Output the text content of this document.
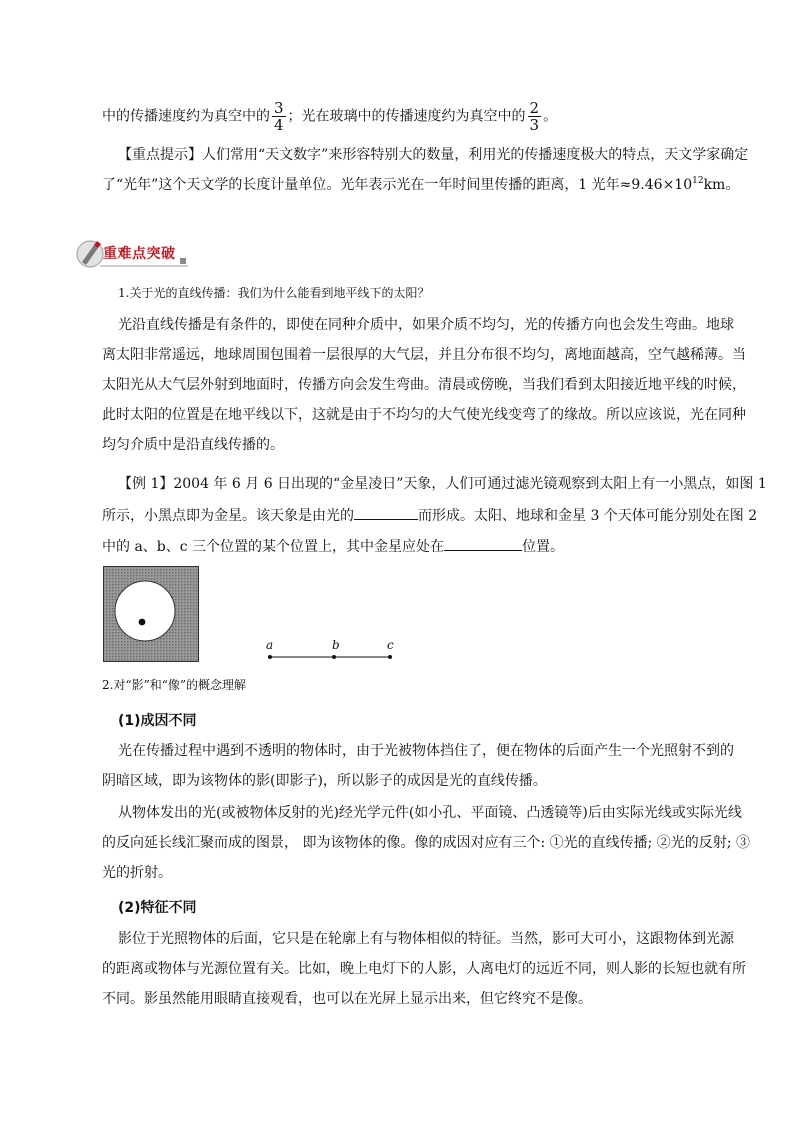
中的传播速度约为真空中的 $\frac{3}{4}$ ；光在玻璃中的传播速度约为真空中的 $\frac{2}{3}$ 。
【重点提示】人们常用“天文数字”来形容特别大的数量，利用光的传播速度极大的特点，天文学家确定
了“光年”这个天文学的长度计量单位。光年表示光在一年时间里传播的距离，1 光年$\approx 9.46\times 10^{12}km$。
重难点突破
1.关于光的直线传播：我们为什么能看到地平线下的太阳？
光沿直线传播是有条件的，即使在同种介质中，如果介质不均匀，光的传播方向也会发生弯曲。地球
离太阳非常遥远，地球周围包围着一层很厚的大气层，并且分布很不均匀，离地面越高，空气越稀薄。当
太阳光从大气层外射到地面时，传播方向会发生弯曲。清晨或傍晚，当我们看到太阳接近地平线的时候，
此时太阳的位置是在地平线以下，这就是由于不均匀的大气使光线变弯了的缘故。所以应该说，光在同种
均匀介质中是沿直线传播的。
【例 1】2004 年 6 月 6 日出现的“金星凌日”天象，人们可通过滤光镜观察到太阳上有一小黑点，如图 1
所示，小黑点即为金星。该天象是由光的	而形成。太阳、地球和金星 3 个天体可能分别处在图 2
中的 a、b、c 三个位置的某个位置上，其中金星应处在	位置。
a	b	c
2.对“影”和“像”的概念理解
(1)成因不同
光在传播过程中遇到不透明的物体时，由于光被物体挡住了，便在物体的后面产生一个光照射不到的
阴暗区域，即为该物体的影(即影子)，所以影子的成因是光的直线传播。
从物体发出的光(或被物体反射的光)经光学元件(如小孔、平面镜、凸透镜等)后由实际光线或实际光线
的反向延长线汇聚而成的图景， 即为该物体的像。像的成因对应有三个: ①光的直线传播; ②光的反射; ③
光的折射。
(2)特征不同
影位于光照物体的后面，它只是在轮廓上有与物体相似的特征。当然，影可大可小，这跟物体到光源
的距离或物体与光源位置有关。比如，晚上电灯下的人影，人离电灯的远近不同，则人影的长短也就有所
不同。影虽然能用眼睛直接观看，也可以在光屏上显示出来，但它终究不是像。
